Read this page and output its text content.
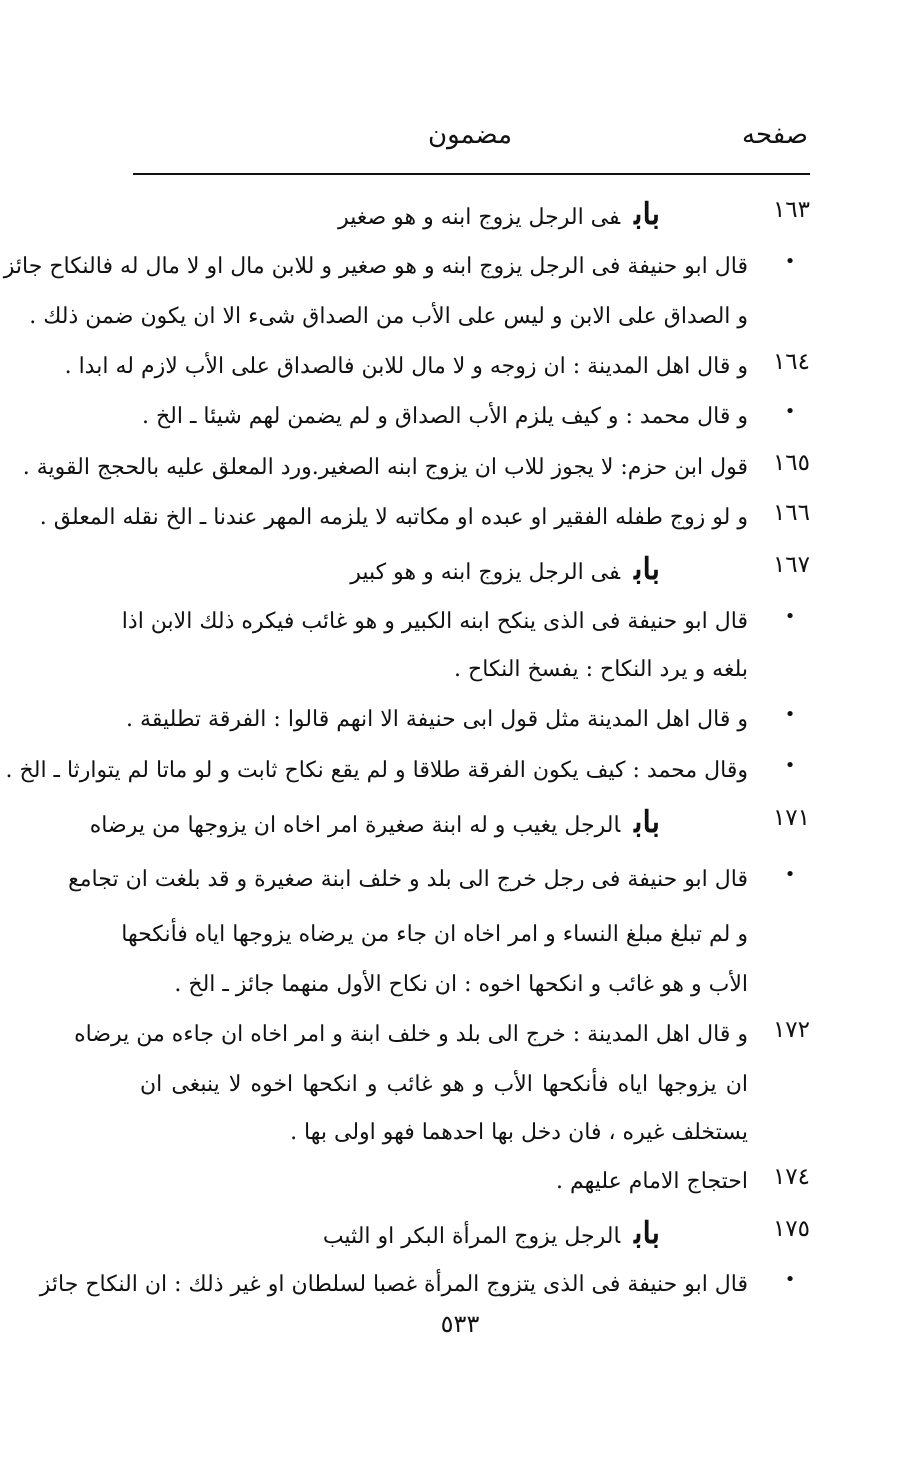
صفحه
مضمون
١٦٣
بابفی الرجل یزوج ابنه و هو صغیر
•
قال ابو حنیفة فی الرجل یزوج ابنه و هو صغیر و للابن مال او لا مال له فالنکاح جائز
و الصداق علی الابن و لیس علی الأب من الصداق شیء الا ان یکون ضمن ذلك .
١٦٤
و قال اهل المدینة : ان زوجه و لا مال للابن فالصداق علی الأب لازم له ابدا .
•
و قال محمد : و کیف یلزم الأب الصداق و لم یضمن لهم شیئا ـ الخ .
١٦٥
قول ابن حزم: لا یجوز للاب ان یزوج ابنه الصغیر.ورد المعلق علیه بالحجج القویة .
١٦٦
و لو زوج طفله الفقیر او عبده او مکاتبه لا یلزمه المهر عندنا ـ الخ نقله المعلق .
١٦٧
بابفی الرجل یزوج ابنه و هو کبیر
•
قال ابو حنیفة فی الذی ینکح ابنه الکبیر و هو غائب فیکره ذلك الابن اذا
بلغه و یرد النکاح : یفسخ النکاح .
•
و قال اهل المدینة مثل قول ابی حنیفة الا انهم قالوا : الفرقة تطلیقة .
•
وقال محمد : کیف یکون الفرقة طلاقا و لم یقع نکاح ثابت و لو ماتا لم یتوارثا ـ الخ .
١٧١
بابالرجل یغیب و له ابنة صغیرة امر اخاه ان یزوجها من یرضاه
•
قال ابو حنیفة فی رجل خرج الی بلد و خلف ابنة صغیرة و قد بلغت ان تجامع
و لم تبلغ مبلغ النساء و امر اخاه ان جاء من یرضاه یزوجها ایاه فأنکحها
الأب و هو غائب و انکحها اخوه : ان نکاح الأول منهما جائز ـ الخ .
١٧٢
و قال اهل المدینة : خرج الی بلد و خلف ابنة و امر اخاه ان جاءه من یرضاه
ان یزوجها ایاه فأنکحها الأب و هو غائب و انکحها اخوه لا ینبغی ان
یستخلف غیره ، فان دخل بها احدهما فهو اولی بها .
١٧٤
احتجاج الامام علیهم .
١٧٥
بابالرجل یزوج المرأة البکر او الثیب
•
قال ابو حنیفة فی الذی یتزوج المرأة غصبا لسلطان او غیر ذلك : ان النکاح جائز
٥٣٣
